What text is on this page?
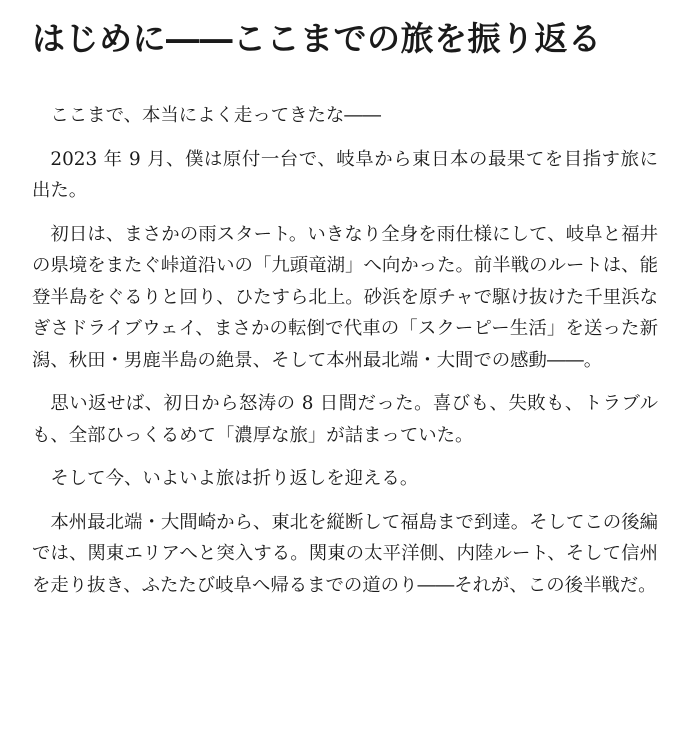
はじめに――ここまでの旅を振り返る

ここまで、本当によく走ってきたな――

2023 年 9 月、僕は原付一台で、岐阜から東日本の最果てを目指す旅に出た。

初日は、まさかの雨スタート。いきなり全身を雨仕様にして、岐阜と福井の県境をまたぐ峠道沿いの「九頭竜湖」へ向かった。前半戦のルートは、能登半島をぐるりと回り、ひたすら北上。砂浜を原チャで駆け抜けた千里浜なぎさドライブウェイ、まさかの転倒で代車の「スクーピー生活」を送った新潟、秋田・男鹿半島の絶景、そして本州最北端・大間での感動――。

思い返せば、初日から怒涛の 8 日間だった。喜びも、失敗も、トラブルも、全部ひっくるめて「濃厚な旅」が詰まっていた。

そして今、いよいよ旅は折り返しを迎える。

本州最北端・大間崎から、東北を縦断して福島まで到達。そしてこの後編では、関東エリアへと突入する。関東の太平洋側、内陸ルート、そして信州を走り抜き、ふたたび岐阜へ帰るまでの道のり――それが、この後半戦だ。
